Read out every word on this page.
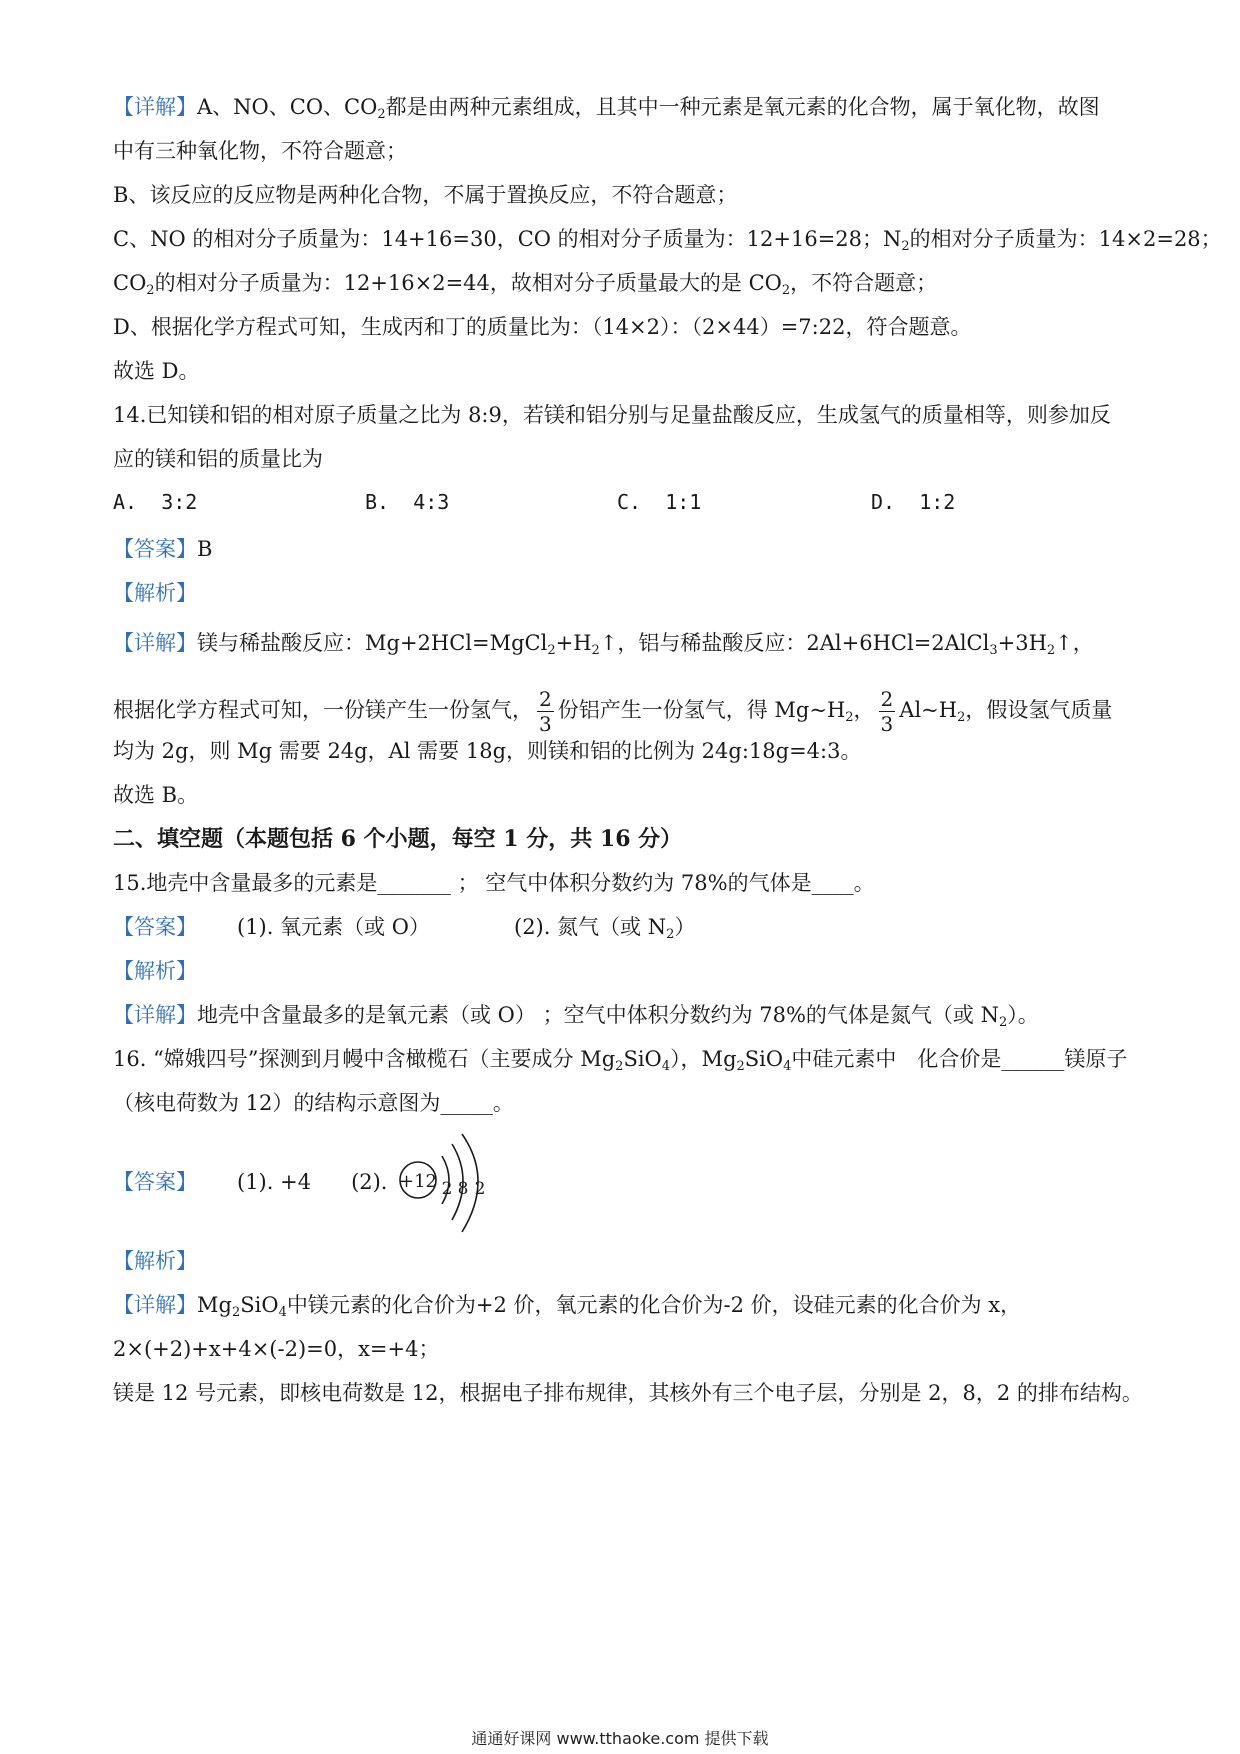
【详解】A、NO、CO、$CO_2$都是由两种元素组成，且其中一种元素是氧元素的化合物，属于氧化物，故图
中有三种氧化物，不符合题意；
B、该反应的反应物是两种化合物，不属于置换反应，不符合题意；
C、NO 的相对分子质量为：14+16=30，CO 的相对分子质量为：12+16=28；$N_2$的相对分子质量为：14×2=28；
$CO_2$的相对分子质量为：12+16×2=44，故相对分子质量最大的是 $CO_2$，不符合题意；
D、根据化学方程式可知，生成丙和丁的质量比为：（14×2）：（2×44）=7:22，符合题意。
故选 D。
14.已知镁和铝的相对原子质量之比为 8:9，若镁和铝分别与足量盐酸反应，生成氢气的质量相等，则参加反
应的镁和铝的质量比为
A. 3:2	B. 4:3	C. 1:1	D. 1:2
【答案】B
【解析】
【详解】镁与稀盐酸反应：$Mg+2HCl=MgCl_2+H_2↑$，铝与稀盐酸反应：$2Al+6HCl=2AlCl_3+3H_2↑$，
根据化学方程式可知，一份镁产生一份氢气， $\frac{2}{3}$ 份铝产生一份氢气，得 $Mg\sim H_2$， $\frac{2}{3}$ $Al\sim H_2$，假设氢气质量
均为 2g，则 Mg 需要 24g，Al 需要 18g，则镁和铝的比例为 24g:18g=4:3。
故选 B。
二、填空题（本题包括 6 个小题，每空 1 分，共 16 分）
15.地壳中含量最多的元素是_______ ； 空气中体积分数约为 78%的气体是____。
【答案】 (1). 氧元素（或 O）	(2). 氮气（或 $N_2$）
【解析】
【详解】地壳中含量最多的是氧元素（或 O） ；空气中体积分数约为 78%的气体是氮气（或 $N_2$）。
16. “嫦娥四号”探测到月幔中含橄榄石（主要成分 $Mg_2SiO_4$），$Mg_2SiO_4$中硅元素中　化合价是______镁原子
（核电荷数为 12）的结构示意图为_____。
【答案】 (1). +4 (2). +12 2 8 2
【解析】
【详解】$Mg_2SiO_4$中镁元素的化合价为+2 价，氧元素的化合价为-2 价，设硅元素的化合价为 x，
2×(+2)+x+4×(-2)=0，x=+4；
镁是 12 号元素，即核电荷数是 12，根据电子排布规律，其核外有三个电子层，分别是 2，8，2 的排布结构。
通通好课网 www.tthaoke.com 提供下载
